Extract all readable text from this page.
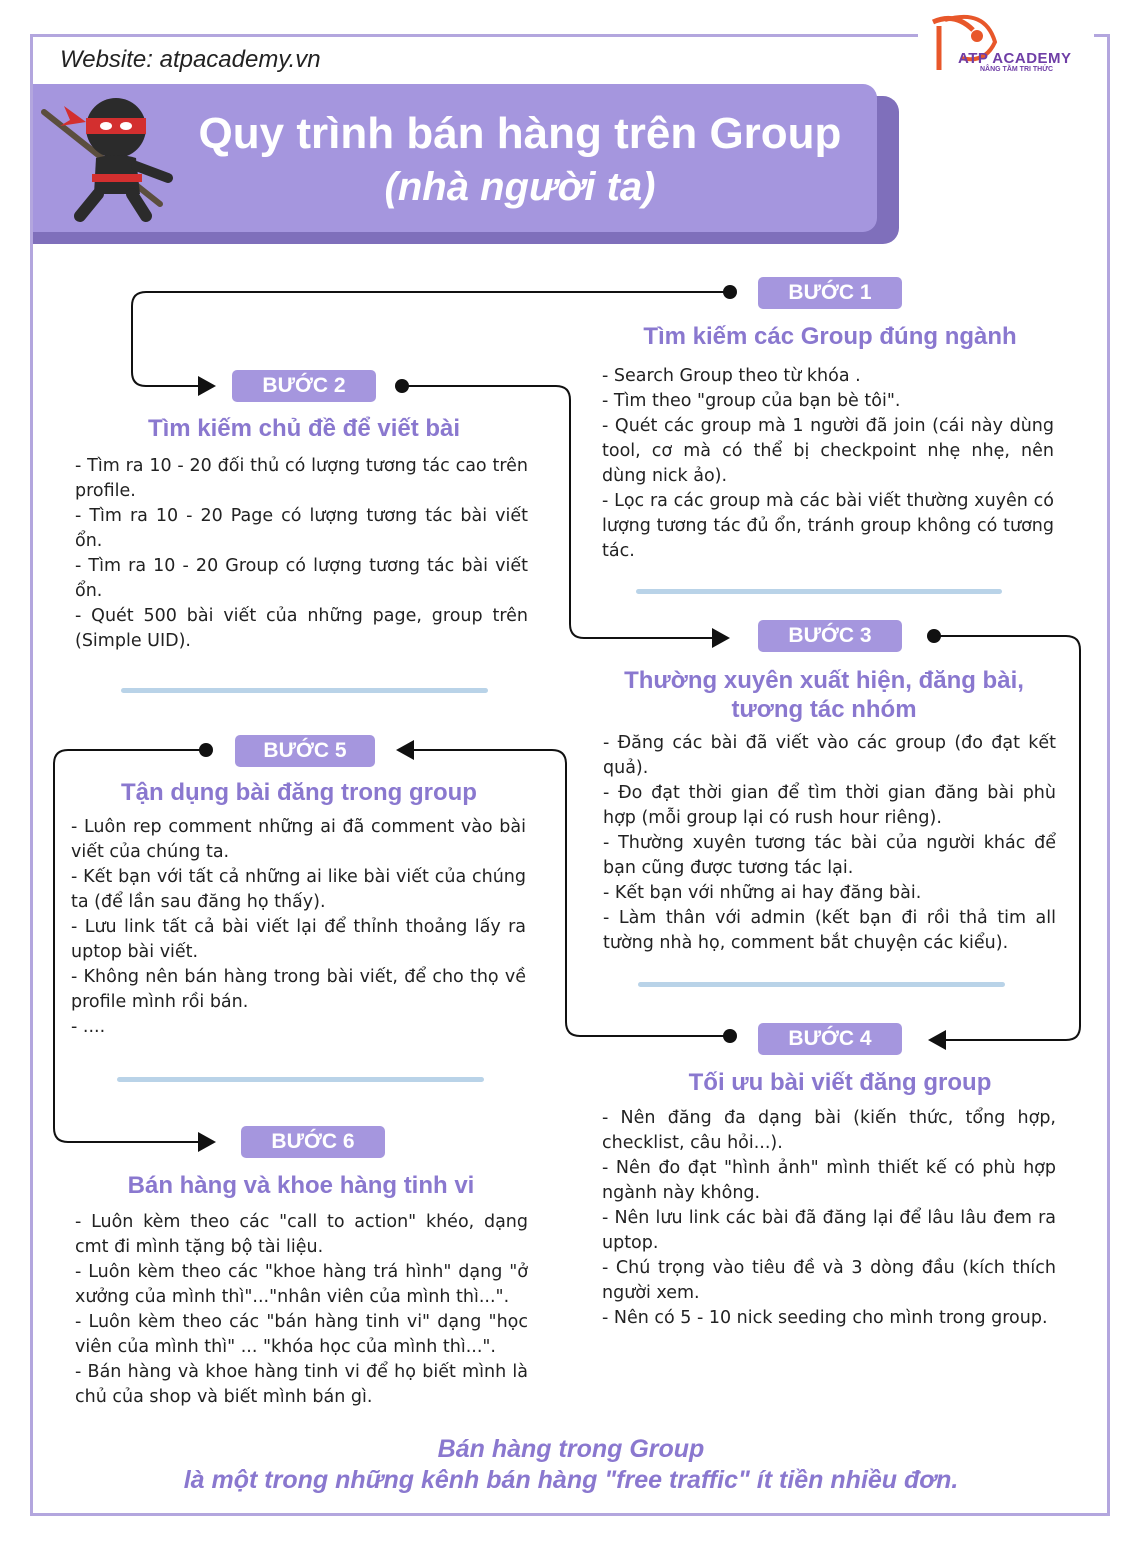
Website: atpacademy.vn	ATP ACADEMY
NÂNG TẦM TRI THỨC
Quy trình bán hàng trên Group
(nhà người ta)
BƯỚC 1
Tìm kiếm các Group đúng ngành
- Search Group theo từ khóa .
- Tìm theo "group của bạn bè tôi".
- Quét các group mà 1 người đã join (cái này dùng tool, cơ mà có thể bị checkpoint nhẹ nhẹ, nên dùng nick ảo).
- Lọc ra các group mà các bài viết thường xuyên có lượng tương tác đủ ổn, tránh group không có tương tác.
BƯỚC 2
Tìm kiếm chủ đề để viết bài
- Tìm ra 10 - 20 đối thủ có lượng tương tác cao trên profile.
- Tìm ra 10 - 20 Page có lượng tương tác bài viết ổn.
- Tìm ra 10 - 20 Group có lượng tương tác bài viết ổn.
- Quét 500 bài viết của những page, group trên (Simple UID).	BƯỚC 3
Thường xuyên xuất hiện, đăng bài, tương tác nhóm
- Đăng các bài đã viết vào các group (đo đạt kết quả).
- Đo đạt thời gian để tìm thời gian đăng bài phù hợp (mỗi group lại có rush hour riêng).
- Thường xuyên tương tác bài của người khác để bạn cũng được tương tác lại.
- Kết bạn với những ai hay đăng bài.
- Làm thân với admin (kết bạn đi rồi thả tim all tường nhà họ, comment bắt chuyện các kiểu).
BƯỚC 4
Tối ưu bài viết đăng group
- Nên đăng đa dạng bài (kiến thức, tổng hợp, checklist, câu hỏi...).
- Nên đo đạt "hình ảnh" mình thiết kế có phù hợp ngành này không.
- Nên lưu link các bài đã đăng lại để lâu lâu đem ra uptop.
- Chú trọng vào tiêu đề và 3 dòng đầu (kích thích người xem.
- Nên có 5 - 10 nick seeding cho mình trong group.
BƯỚC 5
Tận dụng bài đăng trong group
- Luôn rep comment những ai đã comment vào bài viết của chúng ta.
- Kết bạn với tất cả những ai like bài viết của chúng ta (để lần sau đăng họ thấy).
- Lưu link tất cả bài viết lại để thỉnh thoảng lấy ra uptop bài viết.
- Không nên bán hàng trong bài viết, để cho thọ về profile mình rồi bán.
- ....
BƯỚC 6
Bán hàng và khoe hàng tinh vi
- Luôn kèm theo các "call to action" khéo, dạng cmt đi mình tặng bộ tài liệu.
- Luôn kèm theo các "khoe hàng trá hình" dạng "ở xưởng của mình thì"..."nhân viên của mình thì...".
- Luôn kèm theo các "bán hàng tinh vi" dạng "học viên của mình thì" ... "khóa học của mình thì...".
- Bán hàng và khoe hàng tinh vi để họ biết mình là chủ của shop và biết mình bán gì.
Bán hàng trong Group
là một trong những kênh bán hàng "free traffic" ít tiền nhiều đơn.
